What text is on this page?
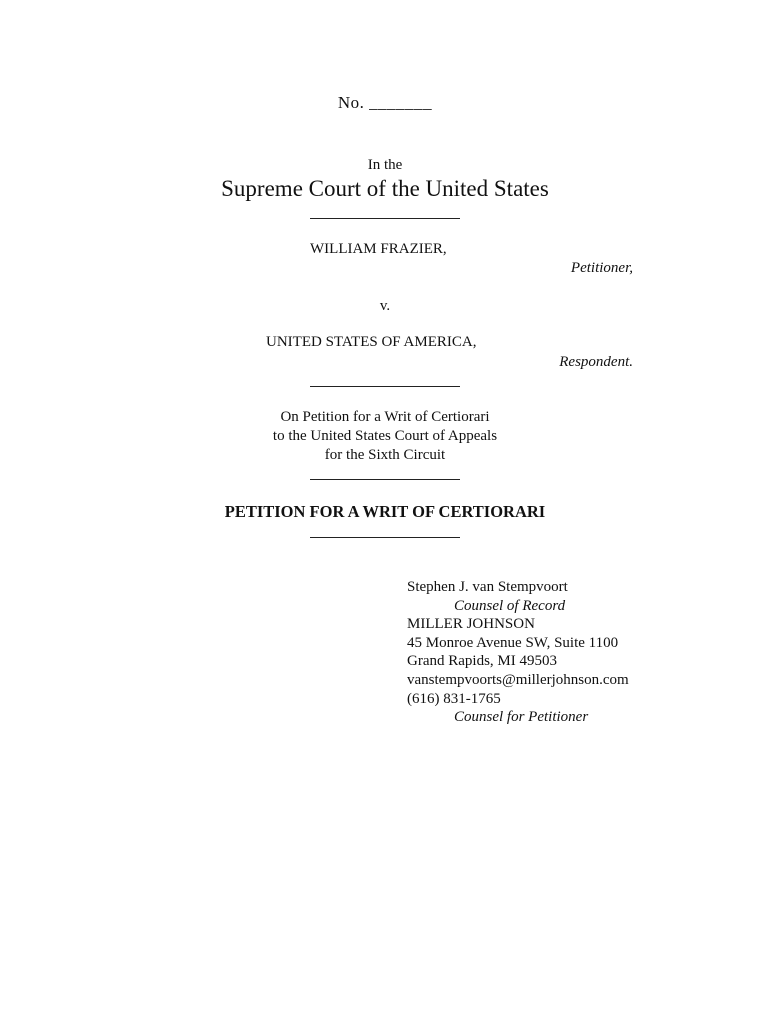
No. _______
In the
Supreme Court of the United States
WILLIAM FRAZIER,
Petitioner,
v.
UNITED STATES OF AMERICA,
Respondent.
On Petition for a Writ of Certiorari
to the United States Court of Appeals
for the Sixth Circuit
PETITION FOR A WRIT OF CERTIORARI
Stephen J. van Stempvoort
Counsel of Record
MILLER JOHNSON
45 Monroe Avenue SW, Suite 1100
Grand Rapids, MI 49503
vanstempvoorts@millerjohnson.com
(616) 831-1765
Counsel for Petitioner
